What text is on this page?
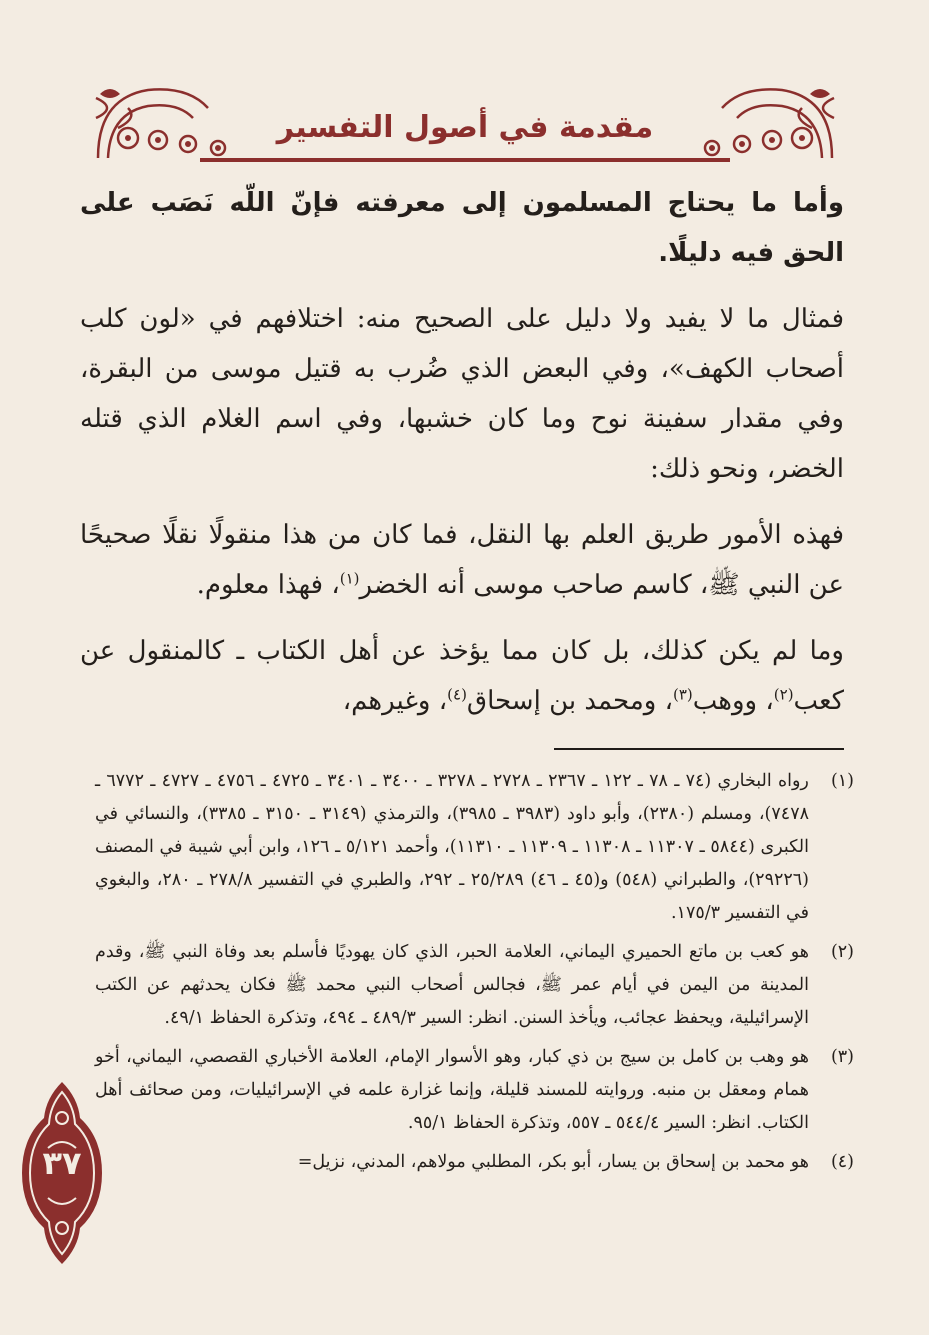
مقدمة في أصول التفسير

وأما ما يحتاج المسلمون إلى معرفته فإنّ اللّه نَصَب على الحق فيه دليلًا.

فمثال ما لا يفيد ولا دليل على الصحيح منه: اختلافهم في «لون كلب أصحاب الكهف»، وفي البعض الذي ضُرب به قتيل موسى من البقرة، وفي مقدار سفينة نوح وما كان خشبها، وفي اسم الغلام الذي قتله الخضر، ونحو ذلك:

فهذه الأمور طريق العلم بها النقل، فما كان من هذا منقولًا نقلًا صحيحًا عن النبي ﷺ، كاسم صاحب موسى أنه الخضر$^{(١)}$، فهذا معلوم.

وما لم يكن كذلك، بل كان مما يؤخذ عن أهل الكتاب ـ كالمنقول عن كعب$^{(٢)}$، ووهب$^{(٣)}$، ومحمد بن إسحاق$^{(٤)}$، وغيرهم،

(١)
رواه البخاري (٧٤ ـ ٧٨ ـ ١٢٢ ـ ٢٣٦٧ ـ ٢٧٢٨ ـ ٣٢٧٨ ـ ٣٤٠٠ ـ ٣٤٠١ ـ ٤٧٢٥ ـ ٤٧٥٦ ـ ٤٧٢٧ ـ ٦٧٧٢ ـ ٧٤٧٨)، ومسلم (٢٣٨٠)، وأبو داود (٣٩٨٣ ـ ٣٩٨٥)، والترمذي (٣١٤٩ ـ ٣١٥٠ ـ ٣٣٨٥)، والنسائي في الكبرى (٥٨٤٤ ـ ١١٣٠٧ ـ ١١٣٠٨ ـ ١١٣٠٩ ـ ١١٣١٠)، وأحمد ٥/١٢١ ـ ١٢٦، وابن أبي شيبة في المصنف (٢٩٢٢٦)، والطبراني (٥٤٨) و(٤٥ ـ ٤٦) ٢٥/٢٨٩ ـ ٢٩٢، والطبري في التفسير ٢٧٨/٨ ـ ٢٨٠، والبغوي في التفسير ١٧٥/٣.
(٢)
هو كعب بن ماتع الحميري اليماني، العلامة الحبر، الذي كان يهوديًا فأسلم بعد وفاة النبي ﷺ، وقدم المدينة من اليمن في أيام عمر ﷺ، فجالس أصحاب النبي محمد ﷺ فكان يحدثهم عن الكتب الإسرائيلية، ويحفظ عجائب، ويأخذ السنن. انظر: السير ٤٨٩/٣ ـ ٤٩٤، وتذكرة الحفاظ ٤٩/١.
(٣)
هو وهب بن كامل بن سيج بن ذي كبار، وهو الأسوار الإمام، العلامة الأخباري القصصي، اليماني، أخو همام ومعقل بن منبه. وروايته للمسند قليلة، وإنما غزارة علمه في الإسرائيليات، ومن صحائف أهل الكتاب. انظر: السير ٥٤٤/٤ ـ ٥٥٧، وتذكرة الحفاظ ٩٥/١.
(٤)
هو محمد بن إسحاق بن يسار، أبو بكر، المطلبي مولاهم، المدني، نزيل=
٣٧
